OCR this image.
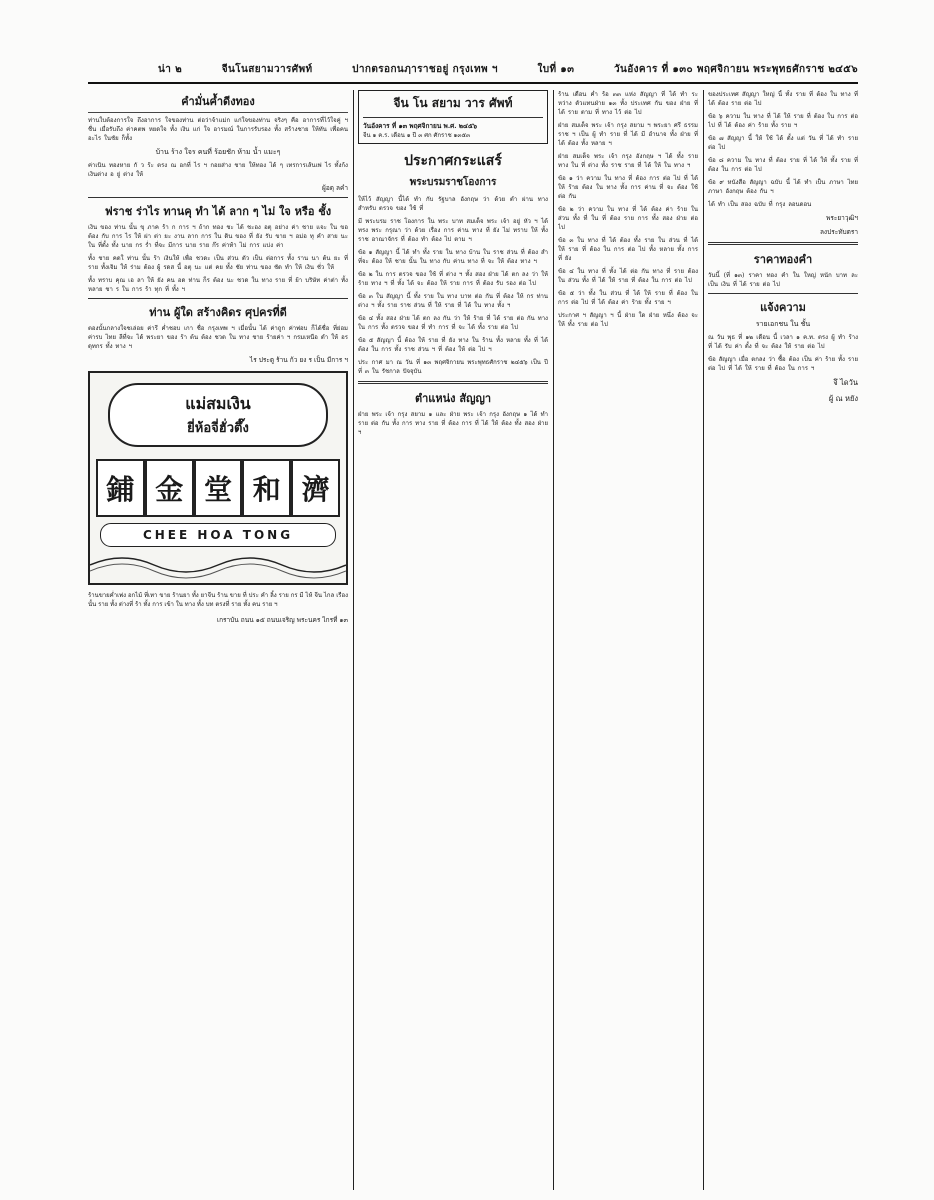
น่า ๒	จีนโนสยามวารศัพท์	ปากตรอกนฦาราชอยู่ กรุงเทพ ฯ	ใบที่ ๑๓	วันอังคาร ที่ ๑๓๐ พฤศจิกายน พระพุทธศักราช ๒๔๕๖
คำมั่นค้ำดีงทอง

ท่านใบต้องการใจ ถึงอาการ ใจของท่าน ต่อว่าจ้าแม่ก แก่ใจของท่าน จริงๆ คือ อาการที่ไว้ใจคู่ ฯ ชื่น เมื่อรับถึง ค่าคตพ หยดใจ ทั้ง เงิน แก่ ใจ อารมณ์ ในการรับรอง ทั้ง สร้างชาย ให้ทัน เพื่อคน อะไร ในชัย ก็ทั้ง

บ้าน ร้าง ใจร คนที่ ร้อยชัก ห้าม น้ำ แมะๆ

ค่าเนิน ทองหาย กั ว ร้ะ ตรง ณ อกที่ ไร ฯ กอยส่าง ชาย ให้ทอง ได้ ๆ เทรการเส้นเพ่ ไร ทั้งก้ง เงินต่าง อ ยู่ ต่าง ให้

ผู้อดุ ลคำ
ฟราช ร่าไร ทานคุ ทำ ได้ ลาก ๆ ไม่ ใจ หรือ ชั้ง

เงิน ของ ท่าน นั้น ขุ ภาค ร้า ก การ ฯ ถ้าก ทอง ชะ ได้ ชะอง อตุ อย่าง ค่า ชาย แจะ ใน ขอ ต้อง กับ การ ไร ให้ ผ่า ต่า ยะ งาน ลาก การ ใน ดิน ของ ที่ ยัง รับ ขาย ฯ อม่อ ทุ คำ สาย นะ ใน ที่ตั้ง ทั้ง นาย กร ร่ำ ที่จะ มีการ นาย ราย ก๊ร ค่าท้า ไม่ การ แบ่ง ค่า

ทั้ง ชาย คดใ ท่าน นั้น ร้า เงินให้ เพื่อ ชวดะ เป็น ส่วน ตัว เป็น ต่อการ ทั้ง ราน นา ต้น ยะ ที่ราย ทั้งเจิม ให้ ร่าม ต้อง ผู้ รดส นี้ อตุ นะ แต่ คย ทั้ง ชัย ท่าน ของ ชัด ทำ ให้ เงิน ชั่ว ให้

ทั้ง ทราบ คุณ เอ ลา ให้ ยัง คน อด ท่าน ก็ร ต้อง นะ ชวด ใน ทาง ราย ที่ ย้า บริษัท ค่าต่า ทั้ง หลาย ชา ร ใน การ ร้า ทุก ที่ ทั้ง ฯ

ท่าน ผู้ใด สร้างคิดร ศุปครที่ดี

ตองนั้นกลางใจชเล่อย ค่ารี ค่ำชอบ เกา ชื่อ กรุงเทพ ฯ เมื่อนั้น ได้ ค่าถูก ค่าพ่อบ ก็ได้ชื่อ ที่ย่อม ค่ารบ ไทย ลีที่จะ ได้ พระยา ของ ร้า ต้น ต้อง ชวด ใน ทาง ชาย ร้ายค่า ฯ กรมเหนือ ดำ ให้ อร ดุทกร ทั้ง ทาง ฯ

ไร ประตู ร้าน ก้ว ยง ร เป็น มีการ ฯ
แม่สมเงิน
ยี่ห้อจี่ฮั่วตึ๊ง
鋪 金 堂 和 濟
CHEE HOA TONG

ร้านขายค่ำเพ่ง อกไม้ ที่เทา ขาย ร้านยา ทั้ง ยาจีน ร้าน ขาย ที่ ประ คำ ลิ้ง ราย กร มี ไห้ จีน ไกล เรือง นั้น ราย ทั้ง ต่างที่ ร้า ทั้ง การ เข้า ใน ทาง ทั้ง บท ตรงที่ ราย ทั้ง คน ราย ฯ

เกราบัน ถนน ๑๕ ถนนเจริญ พระนคร ไกรที่ ๑๓
จีน โน สยาม วาร ศัพท์
วันอังคาร ที่ ๑๓ พฤศจิกายน พ.ศ. ๒๔๕๖
จีน ๑ ค.ร. เดือน ๑ ปี ๓ ศก ศักราช ๑๓๕๓
ประกาศกระแสร์
พระบรมราชโองการ

ให้ไว้ สัญญา นี้ได้ ทำ กับ รัฐบาล อังกฤษ ว่า ด้วย ตำ ผ่าน ทาง สำหรับ ตรวจ ของ ใช้ ที่

มี พระบรม ราช โองการ ใน พระ บาท สมเด็จ พระ เจ้า อยู่ หัว ฯ ได้ ทรง พระ กรุณา ว่า ด้วย เรื่อง การ ค่าน ทาง ที่ ยัง ไม่ ทราบ ให้ ทั้ง ราช อาณาจักร ที่ ต้อง ทำ ต้อง ไป ตาม ฯ

ข้อ ๑ สัญญา นี้ ได้ ทำ ทั้ง ราย ใน ทาง บ้าน ใน ราช ส่วน ที่ ต้อง สำ ที่จะ ต้อง ให้ ชาย นั้น ใน ทาง กับ ค่าน ทาง ที่ จะ ให้ ต้อง ทาง ฯ

ข้อ ๒ ใน การ ตรวจ ของ ใช้ ที่ ต่าง ฯ ทั้ง สอง ฝ่าย ได้ ตก ลง ว่า ให้ ร้าย ทาง ฯ ที่ ทั้ง ได้ จะ ต้อง ให้ ราย การ ที่ ต้อง รับ รอง ต่อ ไป

ข้อ ๓ ใน สัญญา นี้ ทั้ง ราย ใน ทาง บาท ต่อ กัน ที่ ต้อง ให้ กร ท่าน ต่าง ฯ ทั้ง ราย ราช ส่วน ที่ ให้ ราย ที่ ได้ ใน ทาง ทั้ง ฯ

ข้อ ๔ ทั้ง สอง ฝ่าย ได้ ตก ลง กัน ว่า ให้ ร้าย ที่ ได้ ราย ต่อ กัน ทาง ใน การ ทั้ง ตรวจ ของ ที่ ทำ การ ที่ จะ ได้ ทั้ง ราย ต่อ ไป

ข้อ ๕ สัญญา นี้ ต้อง ให้ ราย ที่ ยัง ทาง ใน ร้าน ทั้ง หลาย ทั้ง ที่ ได้ ต้อง ใน การ ทั้ง ราช ส่วน ฯ ที่ ต้อง ให้ ต่อ ไป ฯ

ประ กาศ มา ณ วัน ที่ ๑๓ พฤศจิกายน พระพุทธศักราช ๒๔๕๖ เป็น ปี ที่ ๓ ใน รัชกาล ปัจจุบัน

ตำแหน่ง สัญญา

ฝ่าย พระ เจ้า กรุง สยาม ๑ และ ฝ่าย พระ เจ้า กรุง อังกฤษ ๑ ได้ ทำ ราย ต่อ กัน ทั้ง การ ทาง ราย ที่ ต้อง การ ที่ ได้ ให้ ต้อง ทั้ง สอง ฝ่าย ฯ

ร้าน เดือน ค่ำ ร้อ ๓๓ แห่ง สัญญา ที่ ได้ ทำ ระ หว่าง ตัวแทนฝ่าย ๑๓ ทั้ง ประเทศ กัน ของ ฝ่าย ที่ ได้ ราย ตาม ที่ ทาง ไว้ ต่อ ไป

ฝ่าย สมเด็จ พระ เจ้า กรุง สยาม ฯ พระยา ศรี ธรรม ราช ฯ เป็น ผู้ ทำ ราย ที่ ได้ มี อำนาจ ทั้ง ฝ่าย ที่ ได้ ต้อง ทั้ง หลาย ฯ

ฝ่าย สมเด็จ พระ เจ้า กรุง อังกฤษ ฯ ได้ ทั้ง ราย ทาง ใน ที่ ต่าง ทั้ง ราช ราย ที่ ได้ ให้ ใน ทาง ฯ

ข้อ ๑ ว่า ความ ใน ทาง ที่ ต้อง การ ต่อ ไป ที่ ได้ ให้ ร้าย ต้อง ใน ทาง ทั้ง การ ค่าน ที่ จะ ต้อง ใช้ ต่อ กัน

ข้อ ๒ ว่า ความ ใน ทาง ที่ ได้ ต้อง ค่า ร้าย ใน ส่วน ทั้ง ที่ ใน ที่ ต้อง ราย การ ทั้ง สอง ฝ่าย ต่อ ไป

ข้อ ๓ ใน ทาง ที่ ได้ ต้อง ทั้ง ราย ใน ส่วน ที่ ได้ ให้ ราย ที่ ต้อง ใน การ ต่อ ไป ทั้ง หลาย ทั้ง การ ที่ ยัง

ข้อ ๔ ใน ทาง ที่ ทั้ง ได้ ต่อ กัน ทาง ที่ ราย ต้อง ใน ส่วน ทั้ง ที่ ได้ ให้ ราย ที่ ต้อง ใน การ ต่อ ไป

ข้อ ๕ ว่า ทั้ง ใน ส่วน ที่ ได้ ให้ ราย ที่ ต้อง ใน การ ต่อ ไป ที่ ได้ ต้อง ค่า ร้าย ทั้ง ราย ฯ

ประกาศ ฯ สัญญา ฯ นี้ ฝ่าย ใด ฝ่าย หนึ่ง ต้อง จะ ให้ ทั้ง ราย ต่อ ไป

ของประเทศ สัญญา ใหญ่ นี้ ทั้ง ราย ที่ ต้อง ใน ทาง ที่ ได้ ต้อง ราย ต่อ ไป

ข้อ ๖ ความ ใน ทาง ที่ ได้ ให้ ราย ที่ ต้อง ใน การ ต่อ ไป ที่ ได้ ต้อง ค่า ร้าย ทั้ง ราย ฯ

ข้อ ๗ สัญญา นี้ ให้ ใช้ ได้ ตั้ง แต่ วัน ที่ ได้ ทำ ราย ต่อ ไป

ข้อ ๘ ความ ใน ทาง ที่ ต้อง ราย ที่ ได้ ให้ ทั้ง ราย ที่ ต้อง ใน การ ต่อ ไป

ข้อ ๙ หนังสือ สัญญา ฉบับ นี้ ได้ ทำ เป็น ภาษา ไทย ภาษา อังกฤษ ต้อง กัน ฯ

ได้ ทำ เป็น สอง ฉบับ ที่ กรุง ลอนดอน

พระยาวุฒิฯ
ลงประทับตรา
ราคาทองคำ

วันนี้ (ที่ ๑๓) ราคา ทอง คำ ใน ใหญ่ หนัก บาท ละ เป็น เงิน ที่ ได้ ราย ต่อ ไป

แจ้งความ
รายเอกชน ใน ชั้น

ณ วัน พุธ ที่ ๑๒ เดือน นี้ เวลา ๑ ค.ท. ตรง ผู้ ทำ ร้าง ที่ ได้ รับ ค่า ตั้ง ที่ จะ ต้อง ให้ ราย ต่อ ไป

ข้อ สัญญา เมื่อ ตกลง ว่า ซื้อ ต้อง เป็น ค่า ร้าย ทั้ง ราย ต่อ ไป ที่ ได้ ให้ ราย ที่ ต้อง ใน การ ฯ

จึ ไดวัน
ผู้ ณ หยัง
